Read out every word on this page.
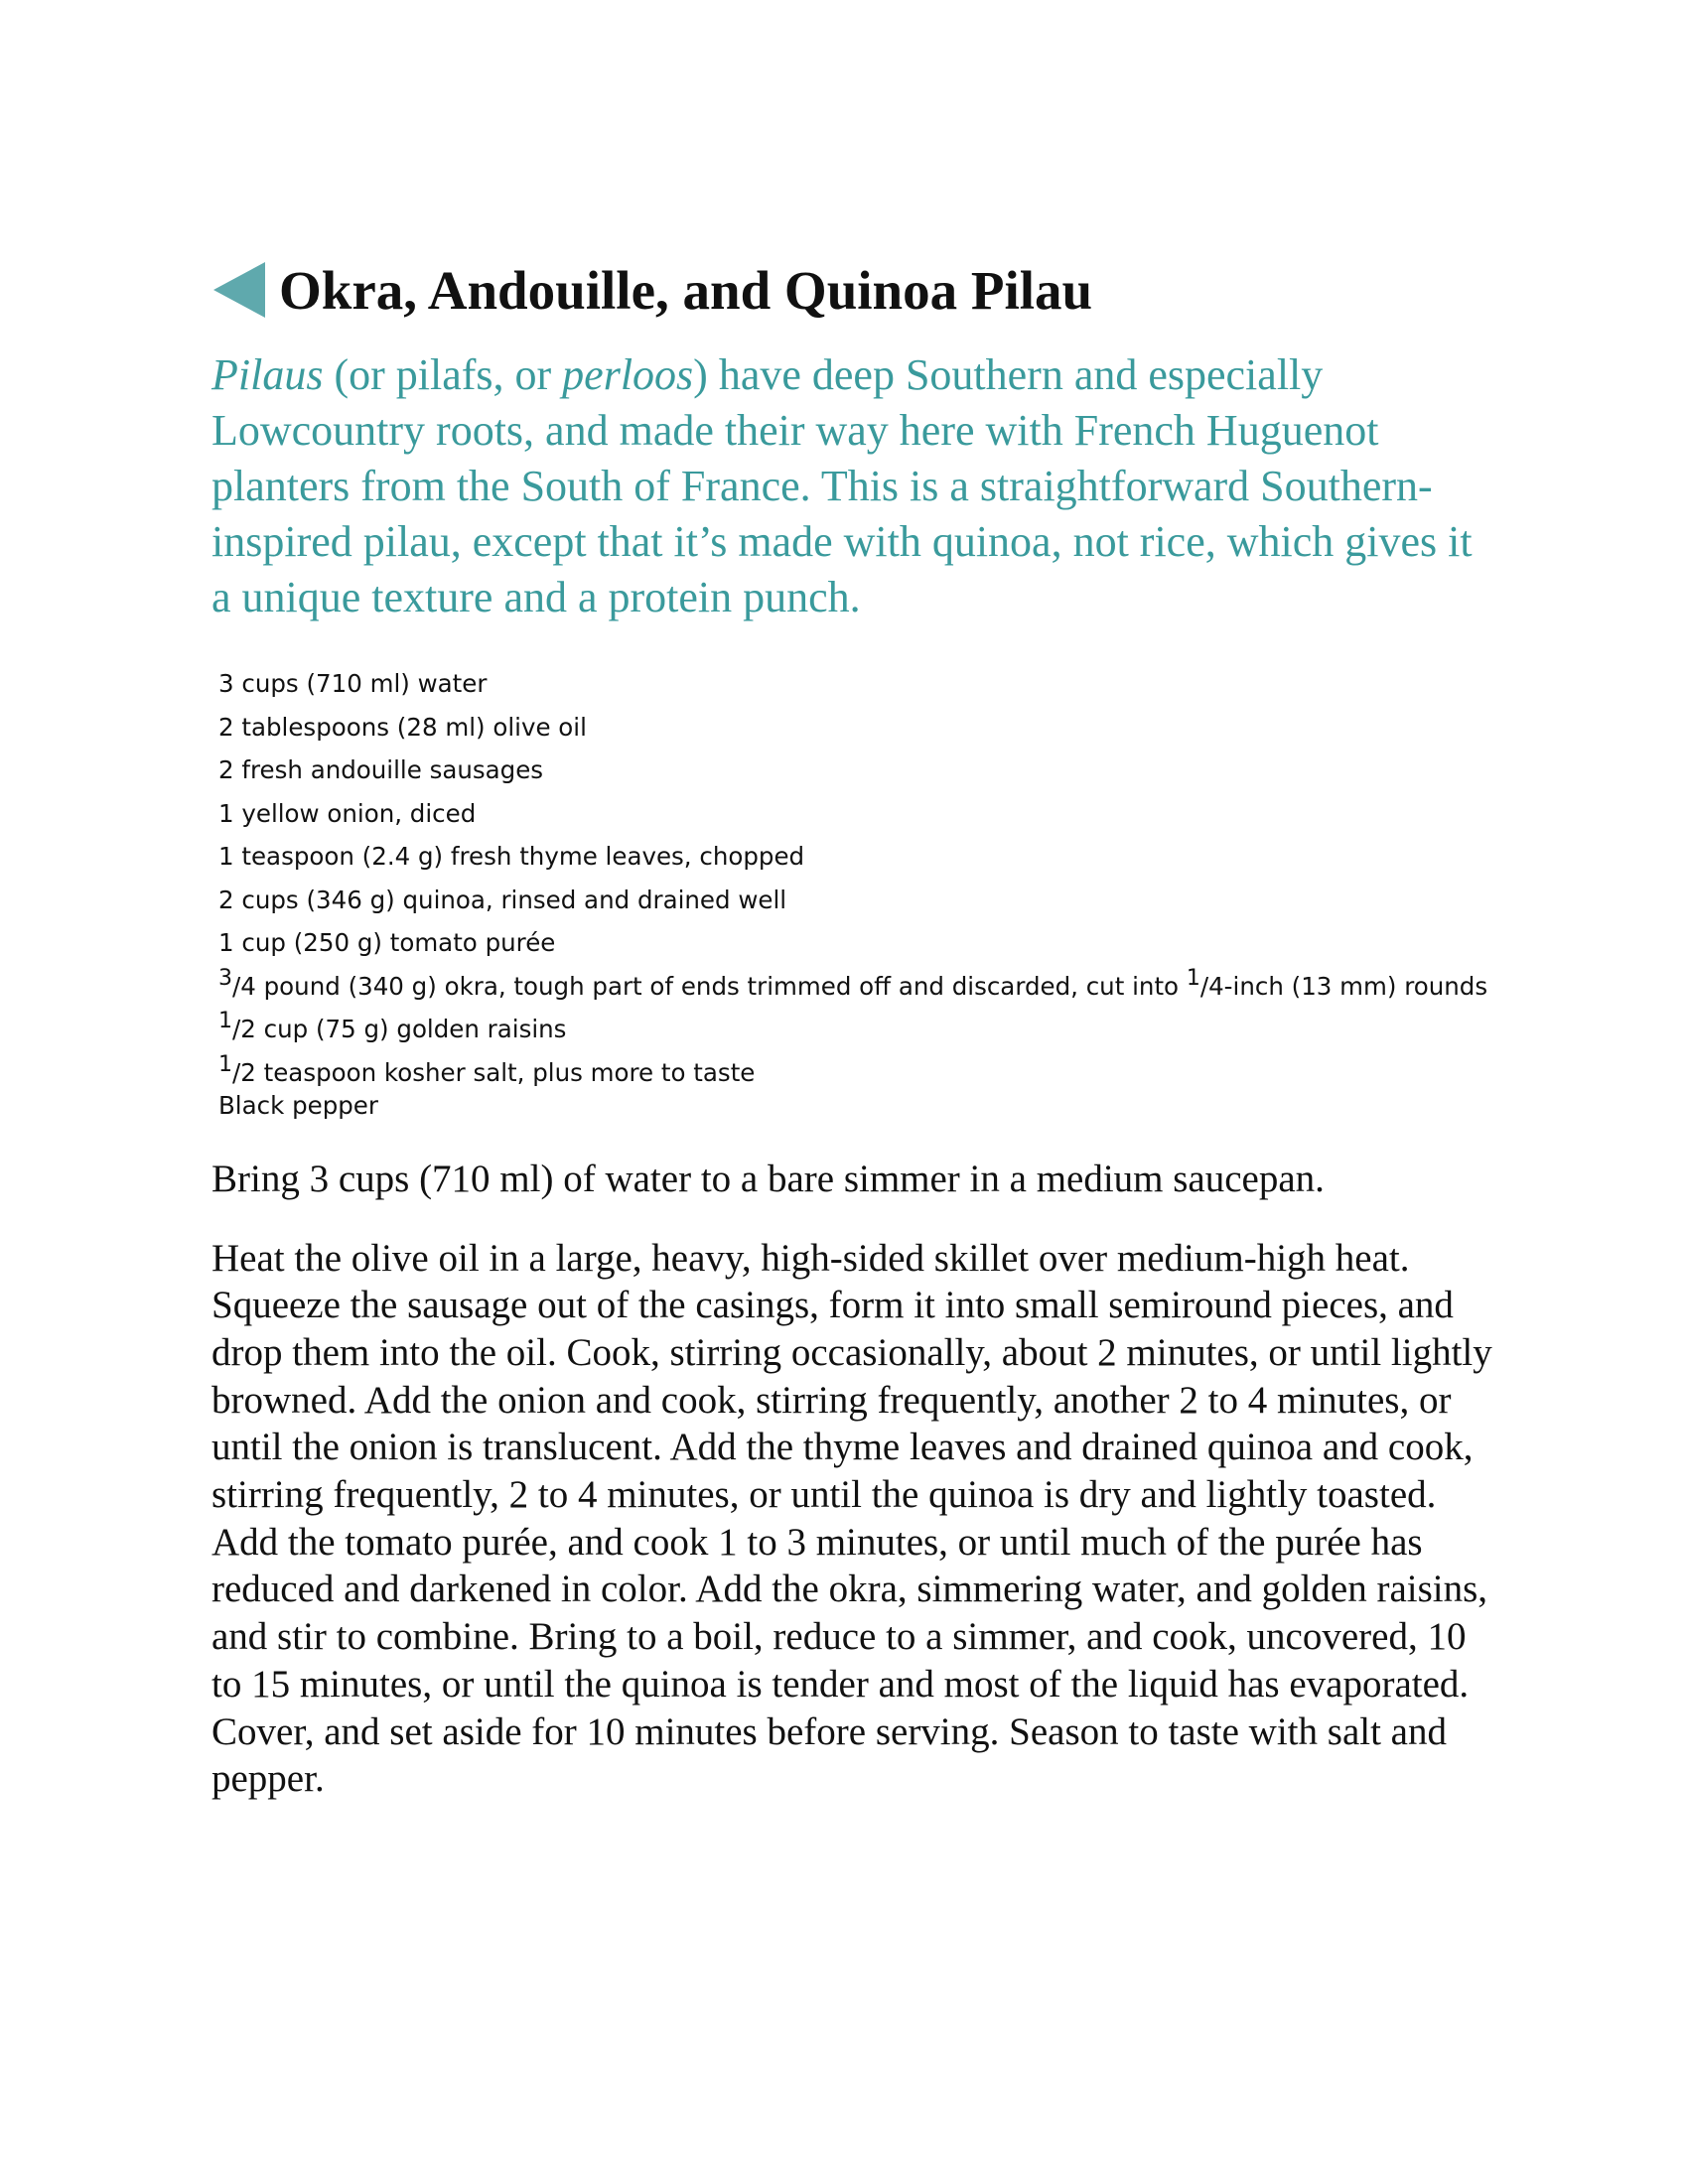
Okra, Andouille, and Quinoa Pilau

Pilaus (or pilafs, or perloos) have deep Southern and especially Lowcountry roots, and made their way here with French Huguenot planters from the South of France. This is a straightforward Southern-inspired pilau, except that it’s made with quinoa, not rice, which gives it a unique texture and a protein punch.

3 cups (710 ml) water
2 tablespoons (28 ml) olive oil
2 fresh andouille sausages
1 yellow onion, diced
1 teaspoon (2.4 g) fresh thyme leaves, chopped
2 cups (346 g) quinoa, rinsed and drained well
1 cup (250 g) tomato purée
$^3$/4 pound (340 g) okra, tough part of ends trimmed off and discarded, cut into $^1$/4-inch (13 mm) rounds
$^1$/2 cup (75 g) golden raisins
$^1$/2 teaspoon kosher salt, plus more to taste
Black pepper

Bring 3 cups (710 ml) of water to a bare simmer in a medium saucepan.

Heat the olive oil in a large, heavy, high-sided skillet over medium-high heat. Squeeze the sausage out of the casings, form it into small semiround pieces, and drop them into the oil. Cook, stirring occasionally, about 2 minutes, or until lightly browned. Add the onion and cook, stirring frequently, another 2 to 4 minutes, or until the onion is translucent. Add the thyme leaves and drained quinoa and cook, stirring frequently, 2 to 4 minutes, or until the quinoa is dry and lightly toasted. Add the tomato purée, and cook 1 to 3 minutes, or until much of the purée has reduced and darkened in color. Add the okra, simmering water, and golden raisins, and stir to combine. Bring to a boil, reduce to a simmer, and cook, uncovered, 10 to 15 minutes, or until the quinoa is tender and most of the liquid has evaporated. Cover, and set aside for 10 minutes before serving. Season to taste with salt and pepper.
